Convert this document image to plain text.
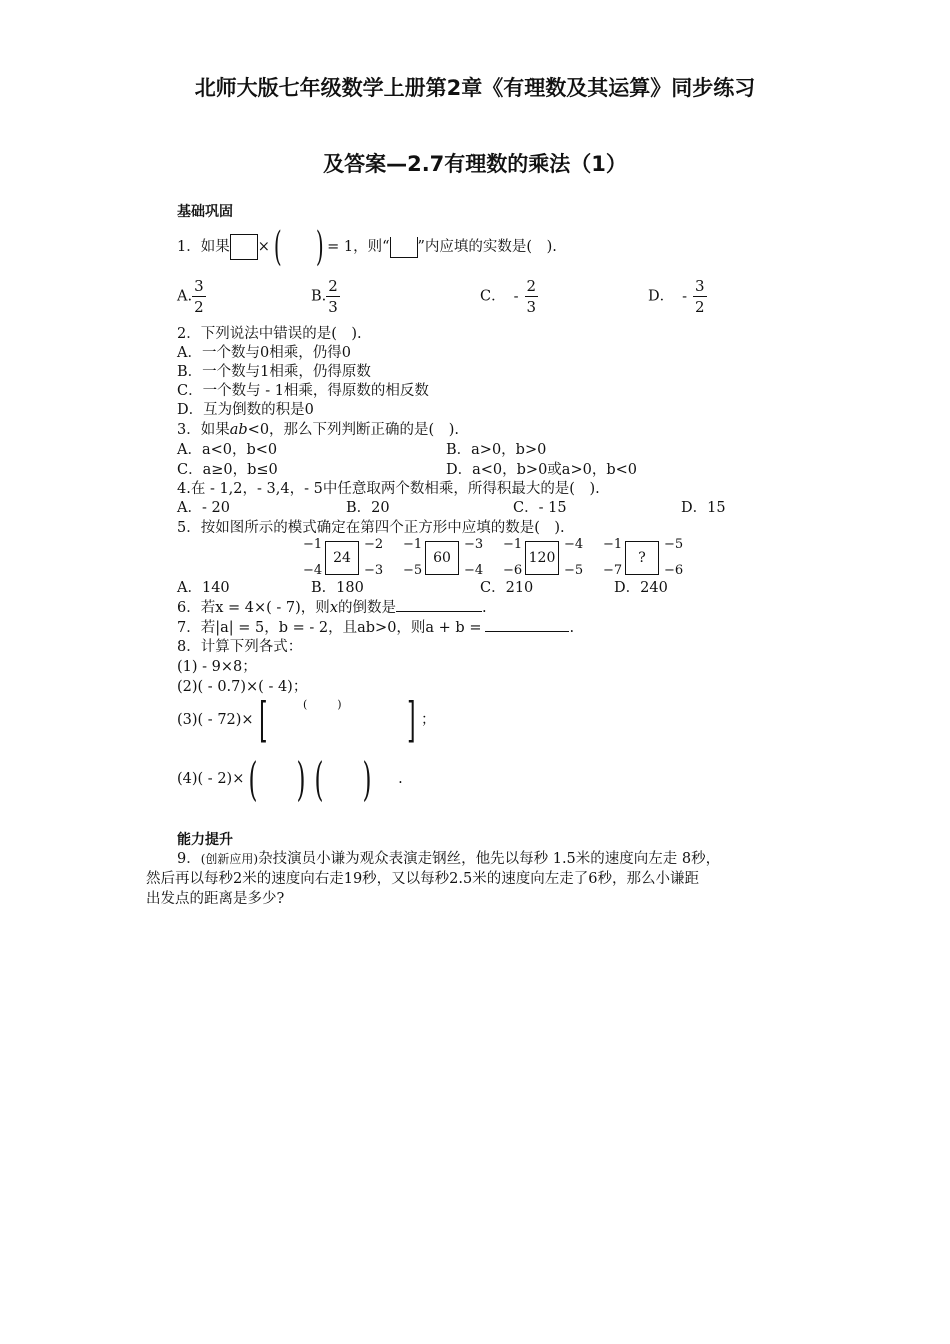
北师大版七年级数学上册第2章《有理数及其运算》同步练习
及答案—2.7有理数的乘法（1）
基础巩固
1．如果 ×( ) = 1，则“ ”内应填的实数是(　).
A. $\frac{3}{2}$	B. $\frac{2}{3}$	C． - $\frac{2}{3}$	D． - $\frac{3}{2}$
2．下列说法中错误的是(　).
A．一个数与0相乘，仍得0
B．一个数与1相乘，仍得原数
C．一个数与 - 1相乘，得原数的相反数
D．互为倒数的积是0
3．如果ab<0，那么下列判断正确的是(　).
A．a<0，b<0	B．a>0，b>0
C．a≥0，b≤0	D．a<0，b>0或a>0，b<0
4.在 - 1,2，- 3,4，- 5中任意取两个数相乘，所得积最大的是(　).
A．- 20	B．20	C．- 15	D．15
5．按如图所示的模式确定在第四个正方形中应填的数是(　).
−1	−2
24
−4	−3
−1	−3
60
−5	−4
−1	−4
120
−6	−5
−1	−5
?
−7	−6
A．140	B．180	C．210	D．240
6．若x = 4×( - 7)，则x的倒数是	.
7．若|a| = 5，b = - 2，且ab>0，则a + b =	.
8．计算下列各式：
(1) - 9×8；
(2)( - 0.7)×( - 4)；
(3)( - 72)× [	() ] ；
(4)( - 2)×( ) ( ) .
能力提升
9．(创新应用)杂技演员小谦为观众表演走钢丝，他先以每秒 1.5米的速度向左走 8秒，
然后再以每秒2米的速度向右走19秒，又以每秒2.5米的速度向左走了6秒，那么小谦距
出发点的距离是多少?
